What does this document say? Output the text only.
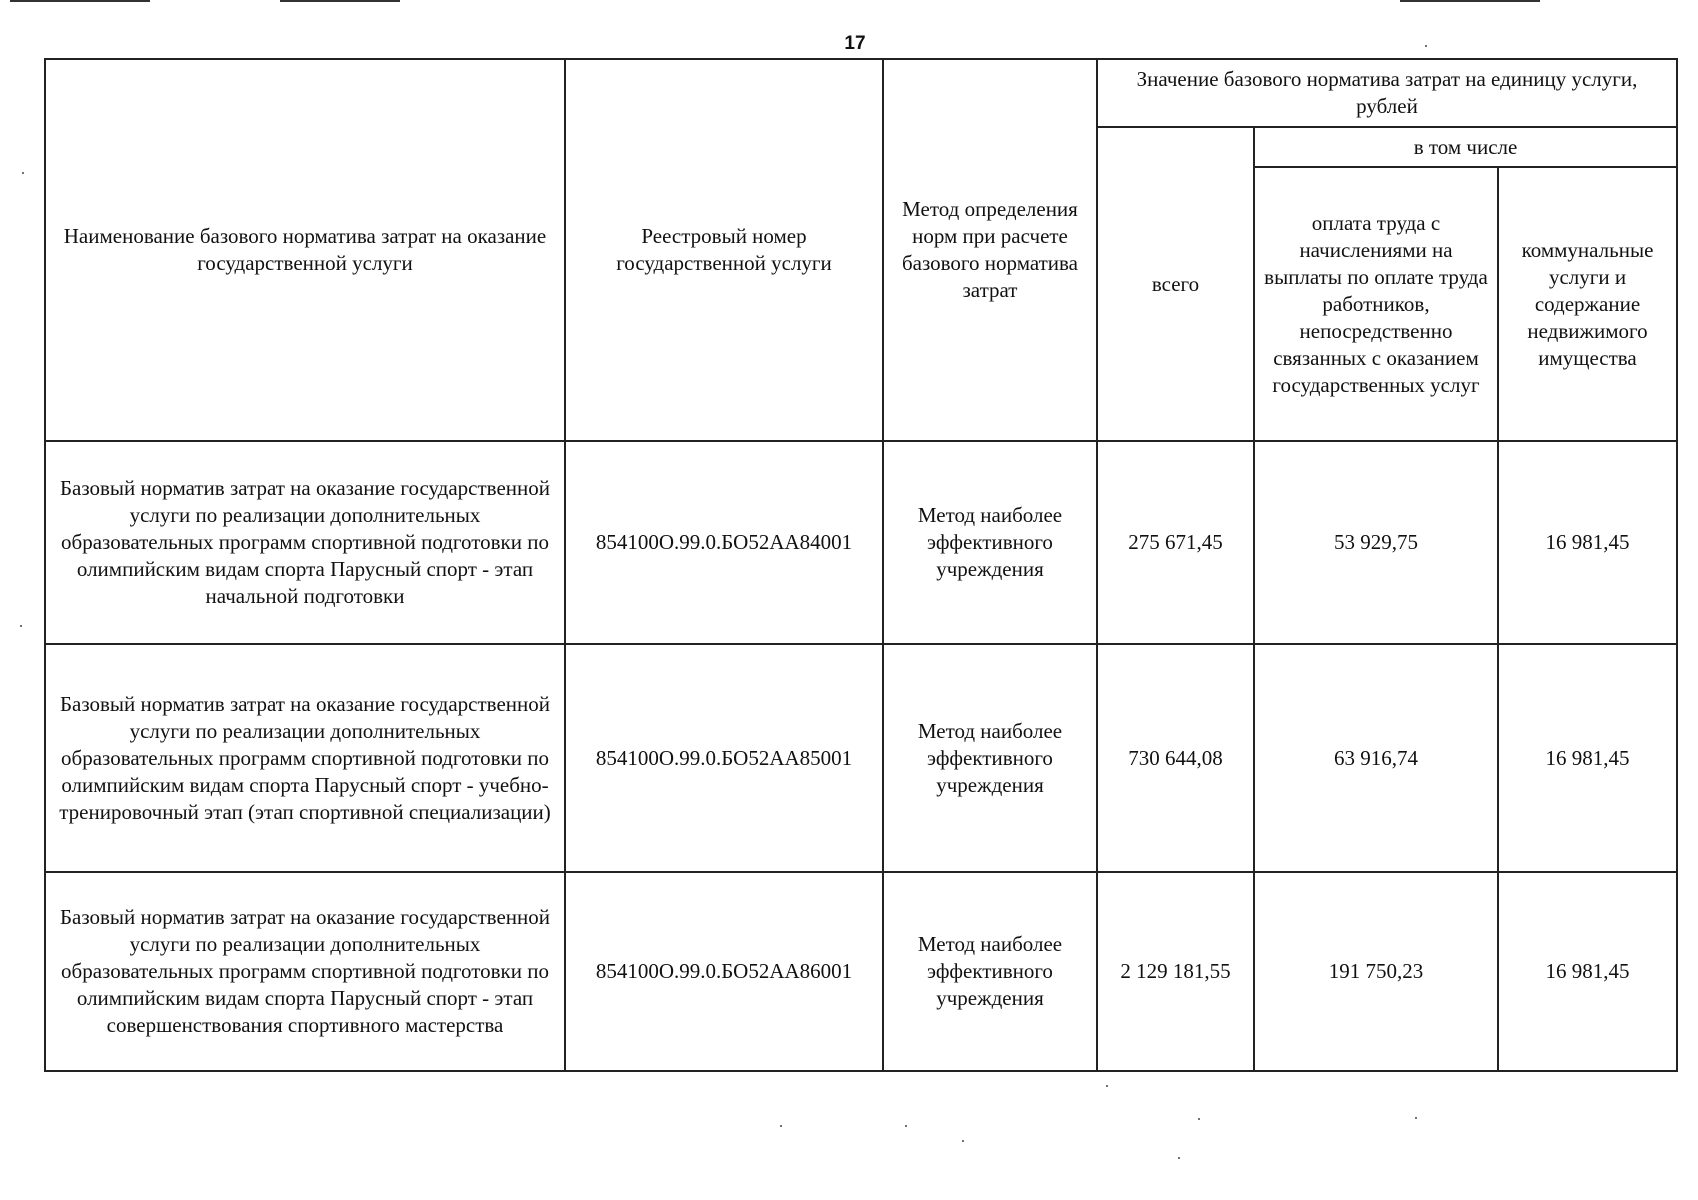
17
Наименование базового норматива затрат на оказание государственной услуги	Реестровый номер государственной услуги	Метод определения норм при расчете базового норматива затрат	Значение базового норматива затрат на единицу услуги, рублей		
			всего	в том числе	
				оплата труда с начислениями на выплаты по оплате труда работников, непосредственно связанных с оказанием государственных услуг	коммунальные услуги и содержание недвижимого имущества
Базовый норматив затрат на оказание государственной услуги по реализации дополнительных образовательных программ спортивной подготовки по олимпийским видам спорта Парусный спорт - этап начальной подготовки	854100О.99.0.БО52АА84001	Метод наиболее эффективного учреждения	275 671,45	53 929,75	16 981,45
Базовый норматив затрат на оказание государственной услуги по реализации дополнительных образовательных программ спортивной подготовки по олимпийским видам спорта Парусный спорт - учебно-тренировочный этап (этап спортивной специализации)	854100О.99.0.БО52АА85001	Метод наиболее эффективного учреждения	730 644,08	63 916,74	16 981,45
Базовый норматив затрат на оказание государственной услуги по реализации дополнительных образовательных программ спортивной подготовки по олимпийским видам спорта Парусный спорт - этап совершенствования спортивного мастерства	854100О.99.0.БО52АА86001	Метод наиболее эффективного учреждения	2 129 181,55	191 750,23	16 981,45
